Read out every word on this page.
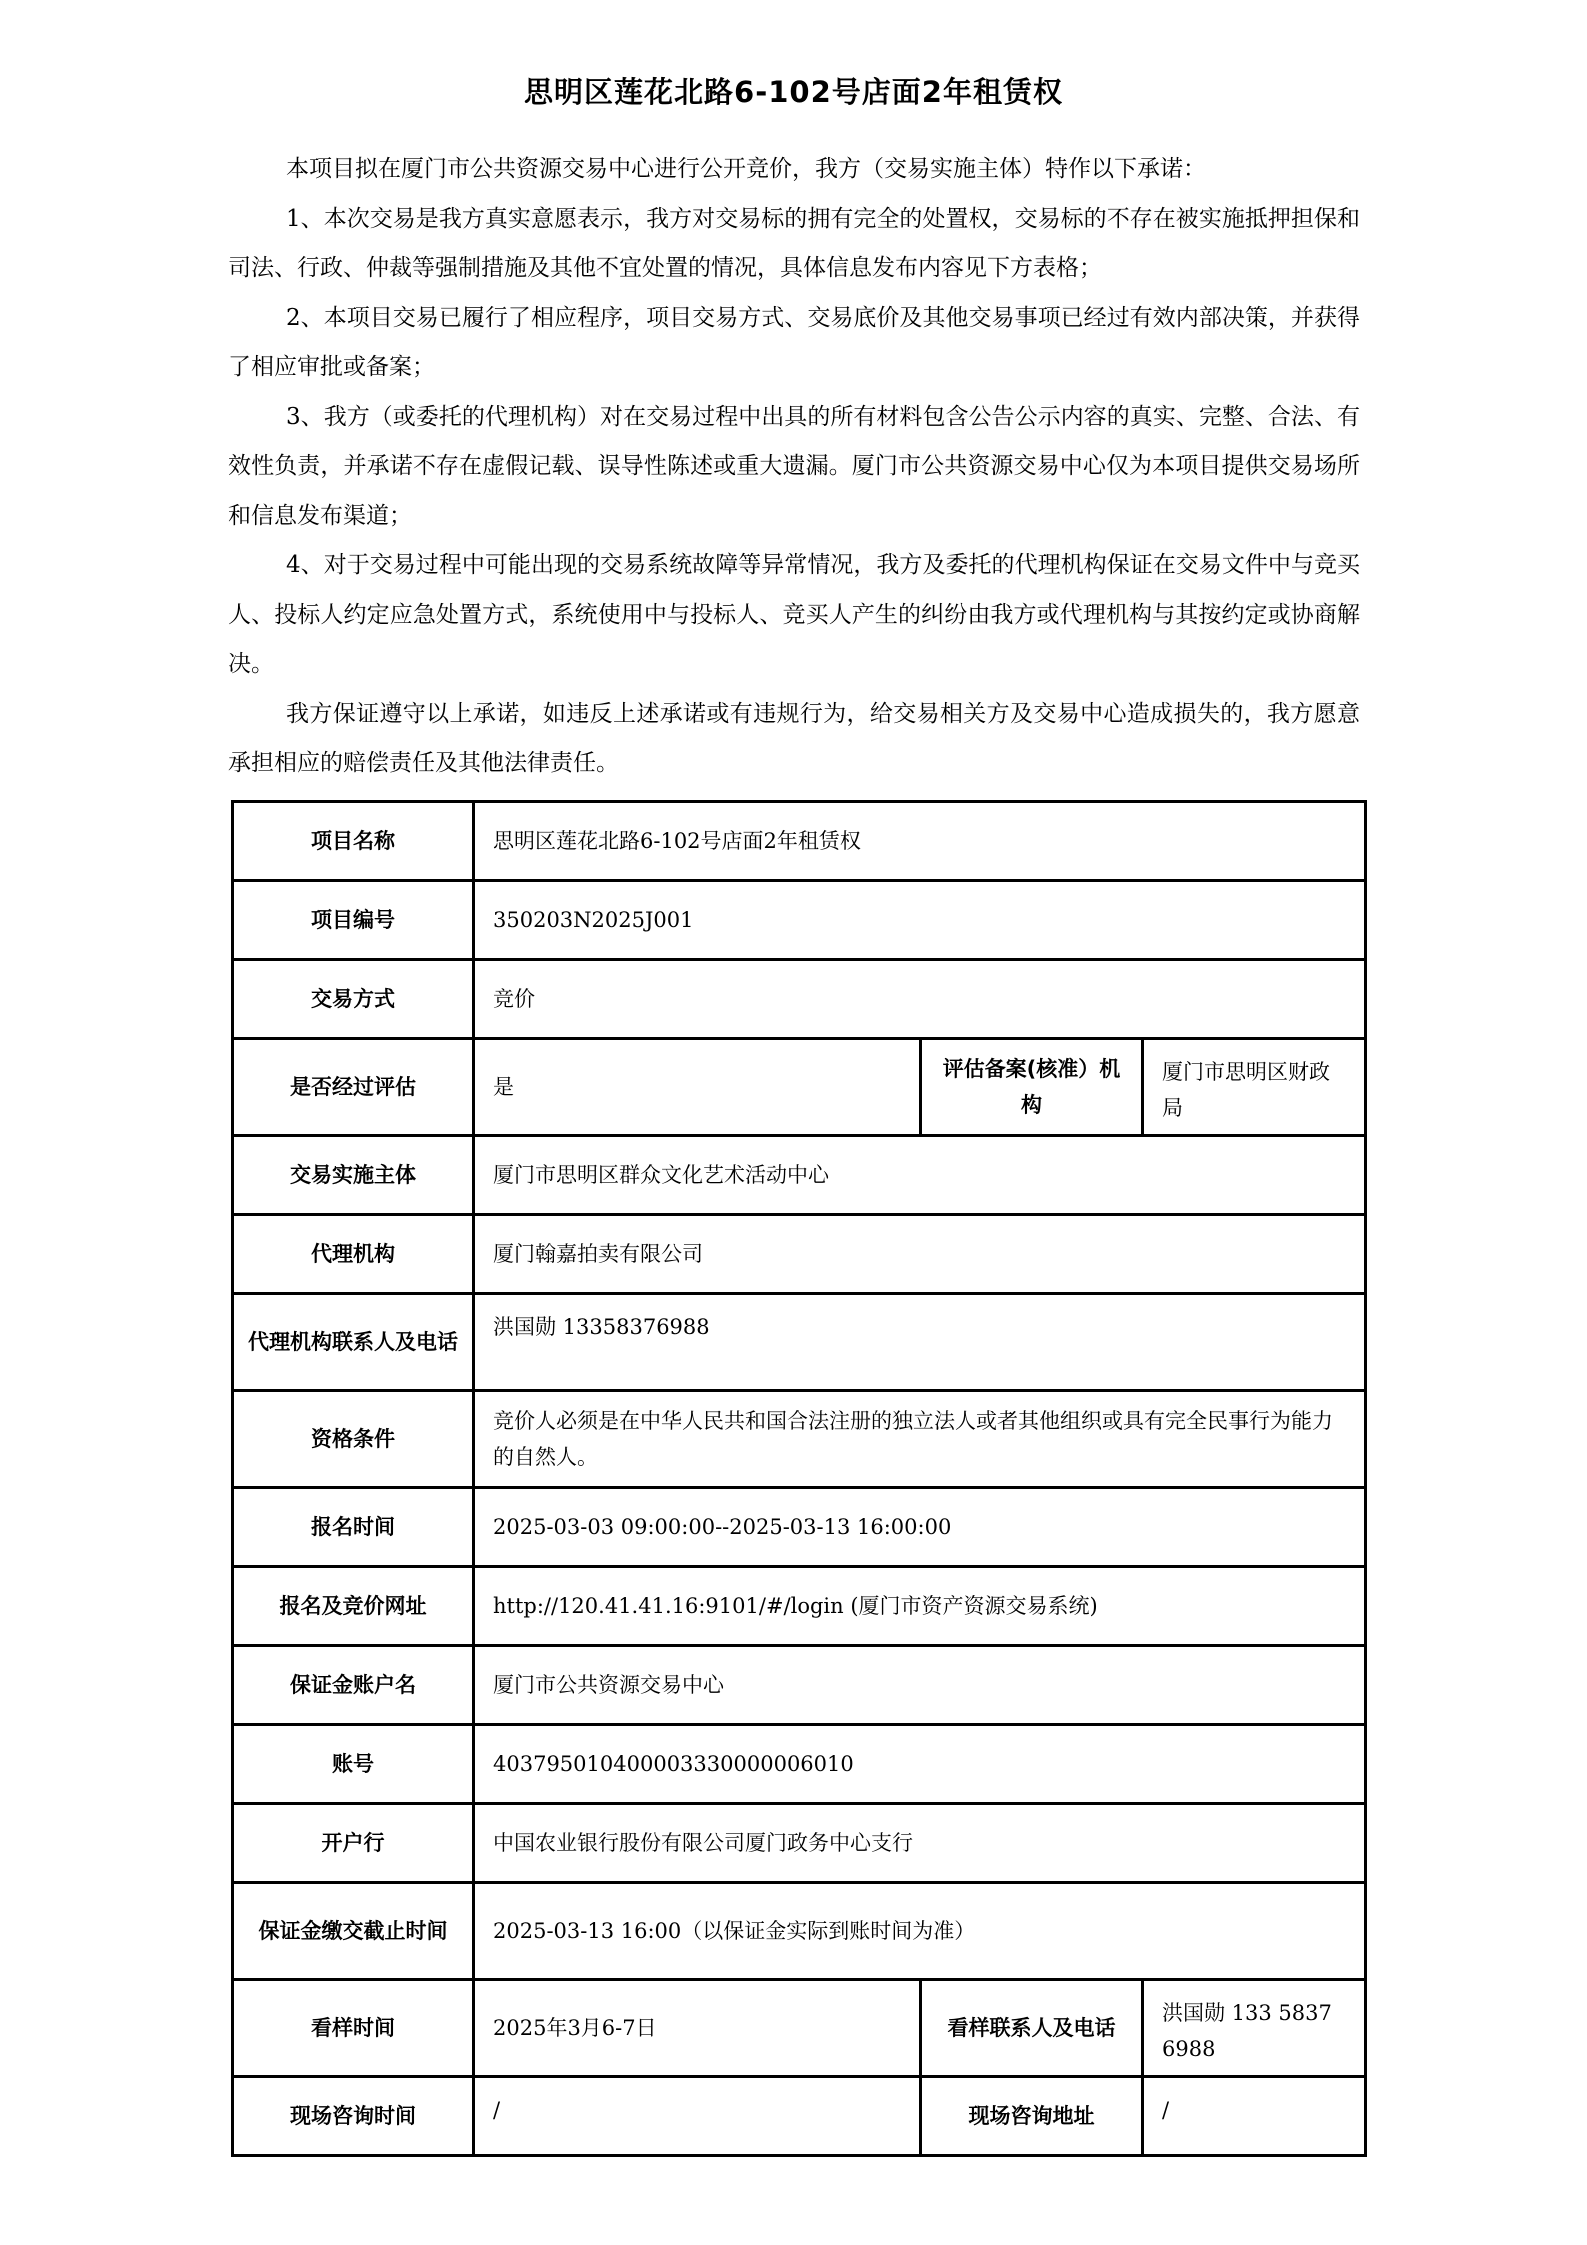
思明区莲花北路6-102号店面2年租赁权

本项目拟在厦门市公共资源交易中心进行公开竞价，我方（交易实施主体）特作以下承诺：

1、本次交易是我方真实意愿表示，我方对交易标的拥有完全的处置权，交易标的不存在被实施抵押担保和司法、行政、仲裁等强制措施及其他不宜处置的情况，具体信息发布内容见下方表格；

2、本项目交易已履行了相应程序，项目交易方式、交易底价及其他交易事项已经过有效内部决策，并获得了相应审批或备案；

3、我方（或委托的代理机构）对在交易过程中出具的所有材料包含公告公示内容的真实、完整、合法、有效性负责，并承诺不存在虚假记载、误导性陈述或重大遗漏。厦门市公共资源交易中心仅为本项目提供交易场所和信息发布渠道；

4、对于交易过程中可能出现的交易系统故障等异常情况，我方及委托的代理机构保证在交易文件中与竞买人、投标人约定应急处置方式，系统使用中与投标人、竞买人产生的纠纷由我方或代理机构与其按约定或协商解决。

我方保证遵守以上承诺，如违反上述承诺或有违规行为，给交易相关方及交易中心造成损失的，我方愿意承担相应的赔偿责任及其他法律责任。

项目名称	思明区莲花北路6-102号店面2年租赁权		
项目编号	350203N2025J001		
交易方式	竞价		
是否经过评估	是	评估备案(核准）机构	厦门市思明区财政局
交易实施主体	厦门市思明区群众文化艺术活动中心		
代理机构	厦门翰嘉拍卖有限公司		
代理机构联系人及电话	洪国勋 13358376988		
资格条件	竞价人必须是在中华人民共和国合法注册的独立法人或者其他组织或具有完全民事行为能力的自然人。		
报名时间	2025-03-03 09:00:00--2025-03-13 16:00:00		
报名及竞价网址	http://120.41.41.16:9101/#/login (厦门市资产资源交易系统)		
保证金账户名	厦门市公共资源交易中心		
账号	403795010400003330000006010		
开户行	中国农业银行股份有限公司厦门政务中心支行		
保证金缴交截止时间	2025-03-13 16:00（以保证金实际到账时间为准）		
看样时间	2025年3月6-7日	看样联系人及电话	洪国勋 133 5837 6988
现场咨询时间	/	现场咨询地址	/
